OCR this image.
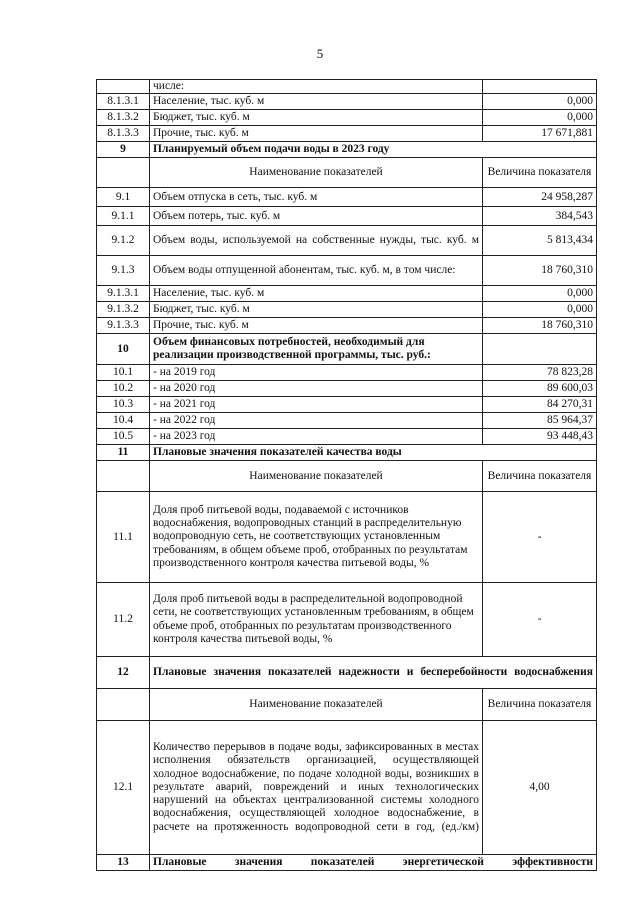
5
	числе:	
8.1.3.1	Население, тыс. куб. м	0,000
8.1.3.2	Бюджет, тыс. куб. м	0,000
8.1.3.3	Прочие, тыс. куб. м	17 671,881
9	Планируемый объем подачи воды в 2023 году	
	Наименование показателей	Величина показателя
9.1	Объем отпуска в сеть, тыс. куб. м	24 958,287
9.1.1	Объем потерь, тыс. куб. м	384,543
9.1.2	Объем воды, используемой на собственные нужды, тыс. куб. м	5 813,434
9.1.3	Объем воды отпущенной абонентам, тыс. куб. м, в том числе:	18 760,310
9.1.3.1	Население, тыс. куб. м	0,000
9.1.3.2	Бюджет, тыс. куб. м	0,000
9.1.3.3	Прочие, тыс. куб. м	18 760,310
10	Объем финансовых потребностей, необходимый для реализации производственной программы, тыс. руб.:	
10.1	- на 2019 год	78 823,28
10.2	- на 2020 год	89 600,03
10.3	- на 2021 год	84 270,31
10.4	- на 2022 год	85 964,37
10.5	- на 2023 год	93 448,43
11	Плановые значения показателей качества воды	
	Наименование показателей	Величина показателя
11.1	Доля проб питьевой воды, подаваемой с источников водоснабжения, водопроводных станций в распределительную водопроводную сеть, не соответствующих установленным требованиям, в общем объеме проб, отобранных по результатам производственного контроля качества питьевой воды, %	-
11.2	Доля проб питьевой воды в распределительной водопроводной сети, не соответствующих установленным требованиям, в общем объеме проб, отобранных по результатам производственного контроля качества питьевой воды, %	-
12	Плановые значения показателей надежности и бесперебойности водоснабжения	
	Наименование показателей	Величина показателя
12.1	Количество перерывов в подаче воды, зафиксированных в местах исполнения обязательств организацией, осуществляющей холодное водоснабжение, по подаче холодной воды, возникших в результате аварий, повреждений и иных технологических нарушений на объектах централизованной системы холодного водоснабжения, осуществляющей холодное водоснабжение, в расчете на протяженность водопроводной сети в год, (ед./км)	4,00
13	Плановые значения показателей энергетической эффективности	
